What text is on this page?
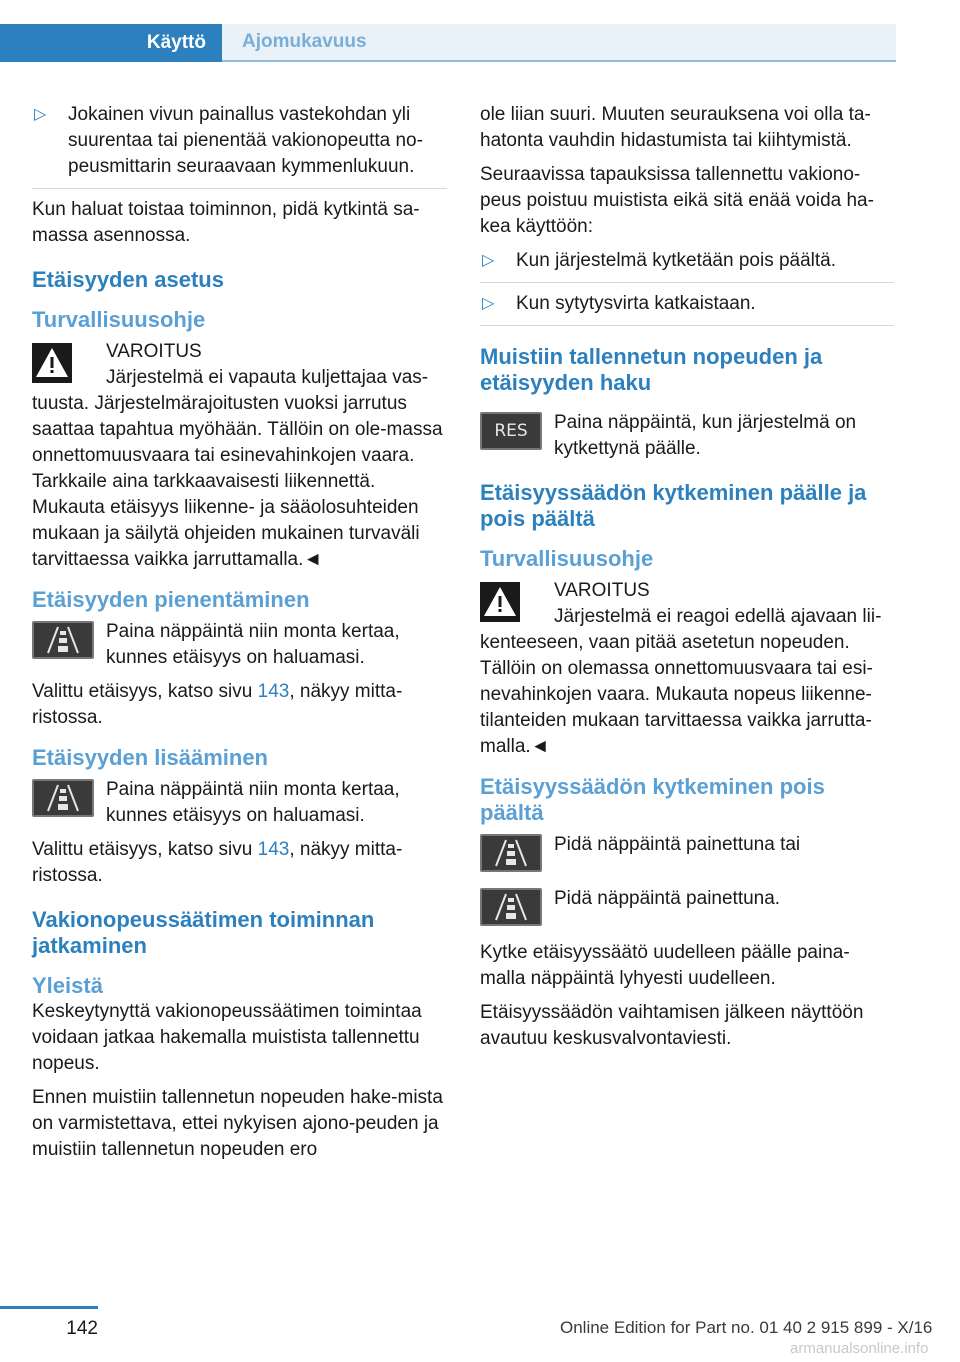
Käyttö	Ajomukavuus
▷ Jokainen vivun painallus vastekohdan yli suurentaa tai pienentää vakionopeutta no-peusmittarin seuraavaan kymmenlukuun.

Kun haluat toistaa toiminnon, pidä kytkintä sa-massa asennossa.

Etäisyyden asetus
Turvallisuusohje
VAROITUS
Järjestelmä ei vapauta kuljettajaa vas-tuusta. Järjestelmärajoitusten vuoksi jarrutus saattaa tapahtua myöhään. Tällöin on ole-massa onnettomuusvaara tai esinevahinkojen vaara. Tarkkaile aina tarkkaavaisesti liikennettä. Mukauta etäisyys liikenne- ja sääolosuhteiden mukaan ja säilytä ohjeiden mukainen turvaväli tarvittaessa vaikka jarruttamalla.◄
Etäisyyden pienentäminen
Paina näppäintä niin monta kertaa, kunnes etäisyys on haluamasi.

Valittu etäisyys, katso sivu 143, näkyy mitta-ristossa.

Etäisyyden lisääminen
Paina näppäintä niin monta kertaa, kunnes etäisyys on haluamasi.

Valittu etäisyys, katso sivu 143, näkyy mitta-ristossa.

Vakionopeussäätimen toiminnan jatkaminen
Yleistä

Keskeytynyttä vakionopeussäätimen toimintaa voidaan jatkaa hakemalla muistista tallennettu nopeus.

Ennen muistiin tallennetun nopeuden hake-mista on varmistettava, ettei nykyisen ajono-peuden ja muistiin tallennetun nopeuden ero

ole liian suuri. Muuten seurauksena voi olla ta-hatonta vauhdin hidastumista tai kiihtymistä.

Seuraavissa tapauksissa tallennettu vakiono-peus poistuu muistista eikä sitä enää voida ha-kea käyttöön:

▷ Kun järjestelmä kytketään pois päältä.
▷ Kun sytytysvirta katkaistaan.
Muistiin tallennetun nopeuden ja etäisyyden haku
RES	Paina näppäintä, kun järjestelmä on kytkettynä päälle.
Etäisyyssäädön kytkeminen päälle ja pois päältä
Turvallisuusohje
VAROITUS
Järjestelmä ei reagoi edellä ajavaan lii-kenteeseen, vaan pitää asetetun nopeuden. Tällöin on olemassa onnettomuusvaara tai esi-nevahinkojen vaara. Mukauta nopeus liikenne-tilanteiden mukaan tarvittaessa vaikka jarrutta-malla.◄
Etäisyyssäädön kytkeminen pois päältä
Pidä näppäintä painettuna tai
Pidä näppäintä painettuna.

Kytke etäisyyssäätö uudelleen päälle paina-malla näppäintä lyhyesti uudelleen.

Etäisyyssäädön vaihtamisen jälkeen näyttöön avautuu keskusvalvontaviesti.

142	Online Edition for Part no. 01 40 2 915 899 - X/16
armanualsonline.info
